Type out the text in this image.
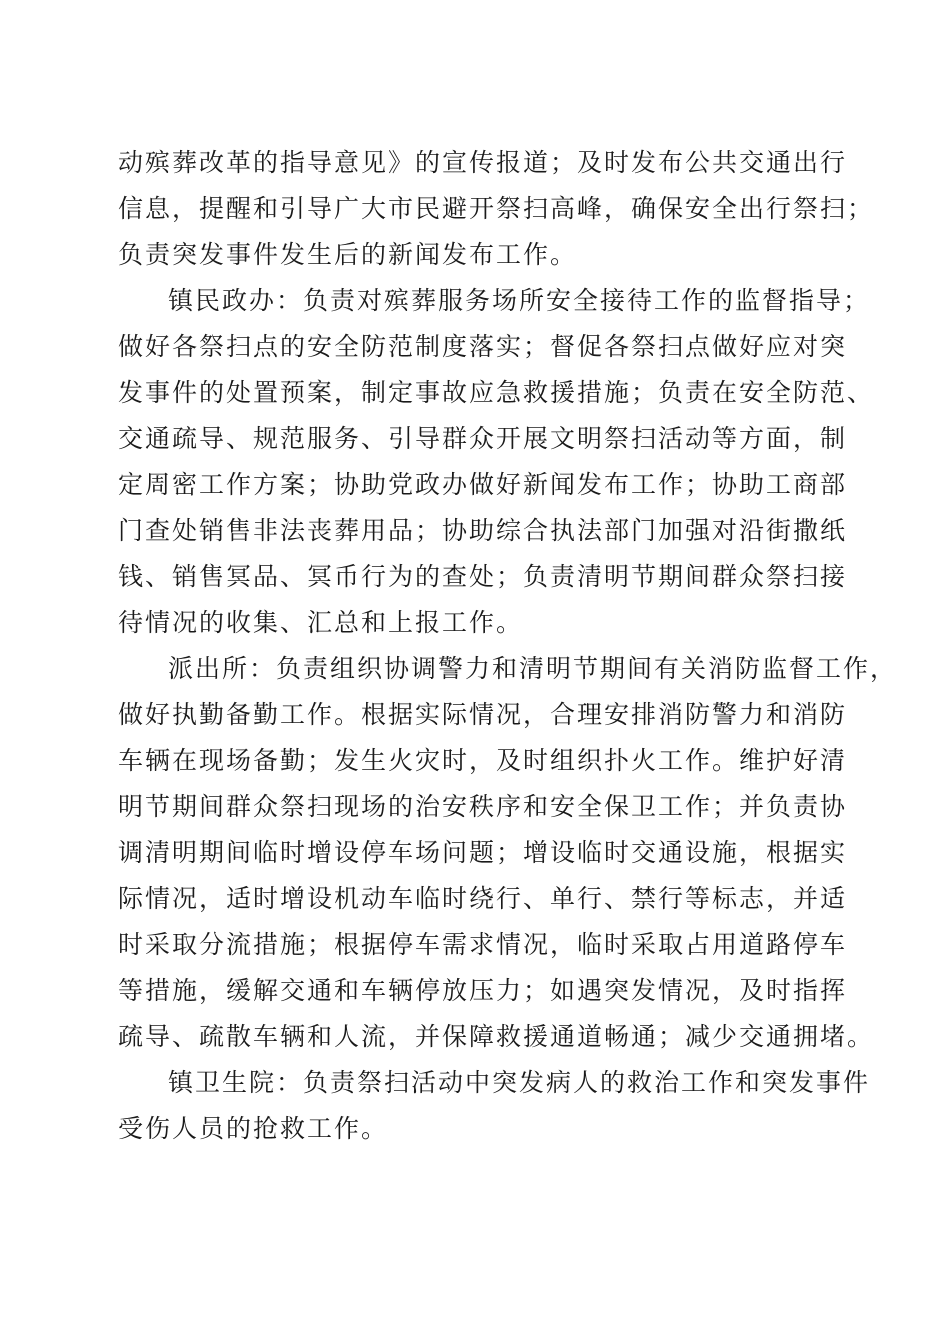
动殡葬改革的指导意见》的宣传报道；及时发布公共交通出行
信息，提醒和引导广大市民避开祭扫高峰，确保安全出行祭扫；
负责突发事件发生后的新闻发布工作。
镇民政办：负责对殡葬服务场所安全接待工作的监督指导；
做好各祭扫点的安全防范制度落实；督促各祭扫点做好应对突
发事件的处置预案，制定事故应急救援措施；负责在安全防范、
交通疏导、规范服务、引导群众开展文明祭扫活动等方面，制
定周密工作方案；协助党政办做好新闻发布工作；协助工商部
门查处销售非法丧葬用品；协助综合执法部门加强对沿街撒纸
钱、销售冥品、冥币行为的查处；负责清明节期间群众祭扫接
待情况的收集、汇总和上报工作。
派出所：负责组织协调警力和清明节期间有关消防监督工作，
做好执勤备勤工作。根据实际情况，合理安排消防警力和消防
车辆在现场备勤；发生火灾时，及时组织扑火工作。维护好清
明节期间群众祭扫现场的治安秩序和安全保卫工作；并负责协
调清明期间临时增设停车场问题；增设临时交通设施，根据实
际情况，适时增设机动车临时绕行、单行、禁行等标志，并适
时采取分流措施；根据停车需求情况，临时采取占用道路停车
等措施，缓解交通和车辆停放压力；如遇突发情况，及时指挥
疏导、疏散车辆和人流，并保障救援通道畅通；减少交通拥堵。
镇卫生院：负责祭扫活动中突发病人的救治工作和突发事件
受伤人员的抢救工作。
